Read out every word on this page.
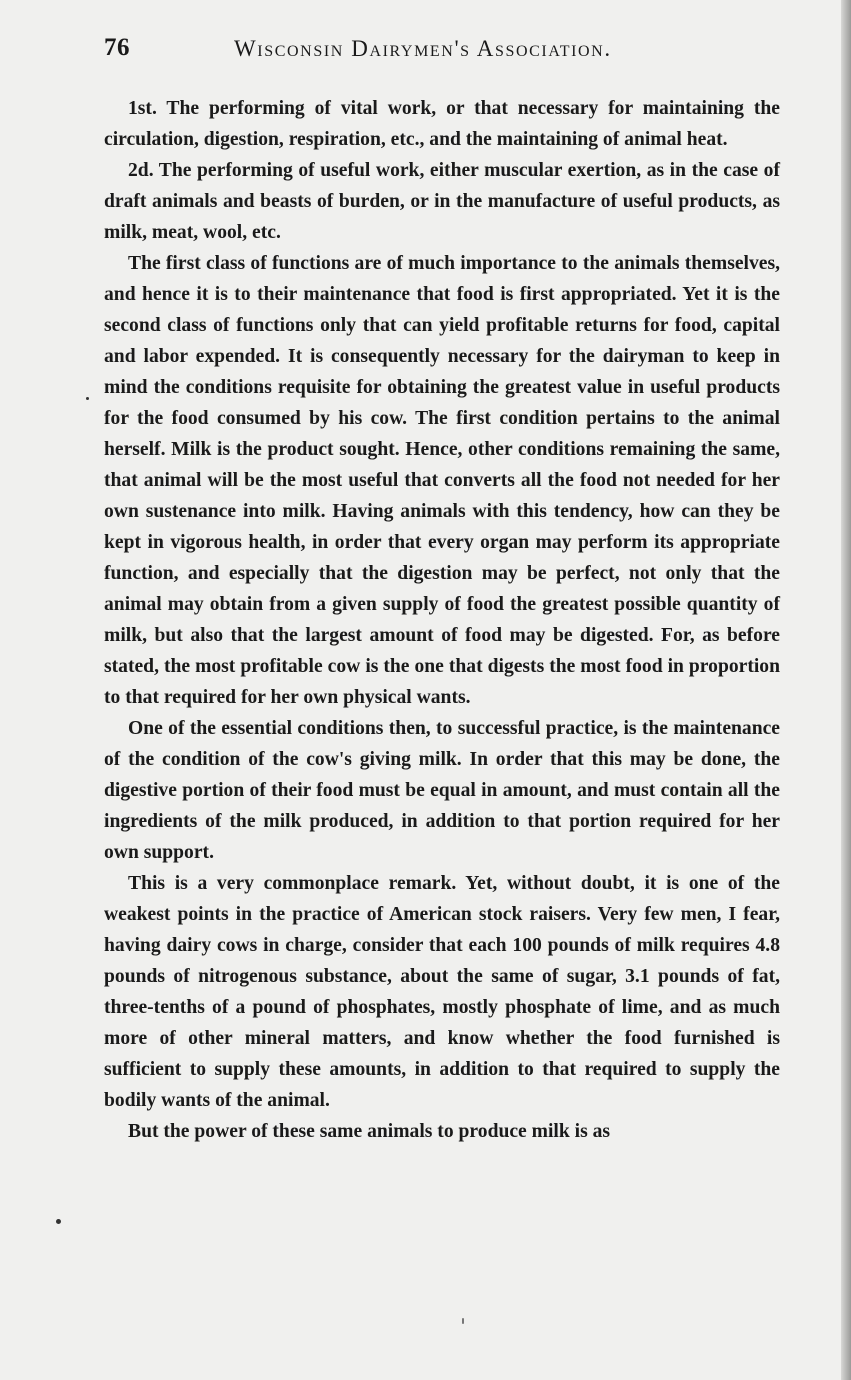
76	Wisconsin Dairymen's Association.

1st. The performing of vital work, or that necessary for maintaining the circulation, digestion, respiration, etc., and the maintaining of animal heat.

2d. The performing of useful work, either muscular exertion, as in the case of draft animals and beasts of burden, or in the manufacture of useful products, as milk, meat, wool, etc.

The first class of functions are of much importance to the animals themselves, and hence it is to their maintenance that food is first appropriated. Yet it is the second class of functions only that can yield profitable returns for food, capital and labor expended. It is consequently necessary for the dairyman to keep in mind the conditions requisite for obtaining the greatest value in useful products for the food consumed by his cow. The first condition pertains to the animal herself. Milk is the product sought. Hence, other conditions remaining the same, that animal will be the most useful that converts all the food not needed for her own sustenance into milk. Having animals with this tendency, how can they be kept in vigorous health, in order that every organ may perform its appropriate function, and especially that the digestion may be perfect, not only that the animal may obtain from a given supply of food the greatest possible quantity of milk, but also that the largest amount of food may be digested. For, as before stated, the most profitable cow is the one that digests the most food in proportion to that required for her own physical wants.

One of the essential conditions then, to successful practice, is the maintenance of the condition of the cow's giving milk. In order that this may be done, the digestive portion of their food must be equal in amount, and must contain all the ingredients of the milk produced, in addition to that portion required for her own support.

This is a very commonplace remark. Yet, without doubt, it is one of the weakest points in the practice of American stock raisers. Very few men, I fear, having dairy cows in charge, consider that each 100 pounds of milk requires 4.8 pounds of nitrogenous substance, about the same of sugar, 3.1 pounds of fat, three-tenths of a pound of phosphates, mostly phosphate of lime, and as much more of other mineral matters, and know whether the food furnished is sufficient to supply these amounts, in addition to that required to supply the bodily wants of the animal.

But the power of these same animals to produce milk is as
